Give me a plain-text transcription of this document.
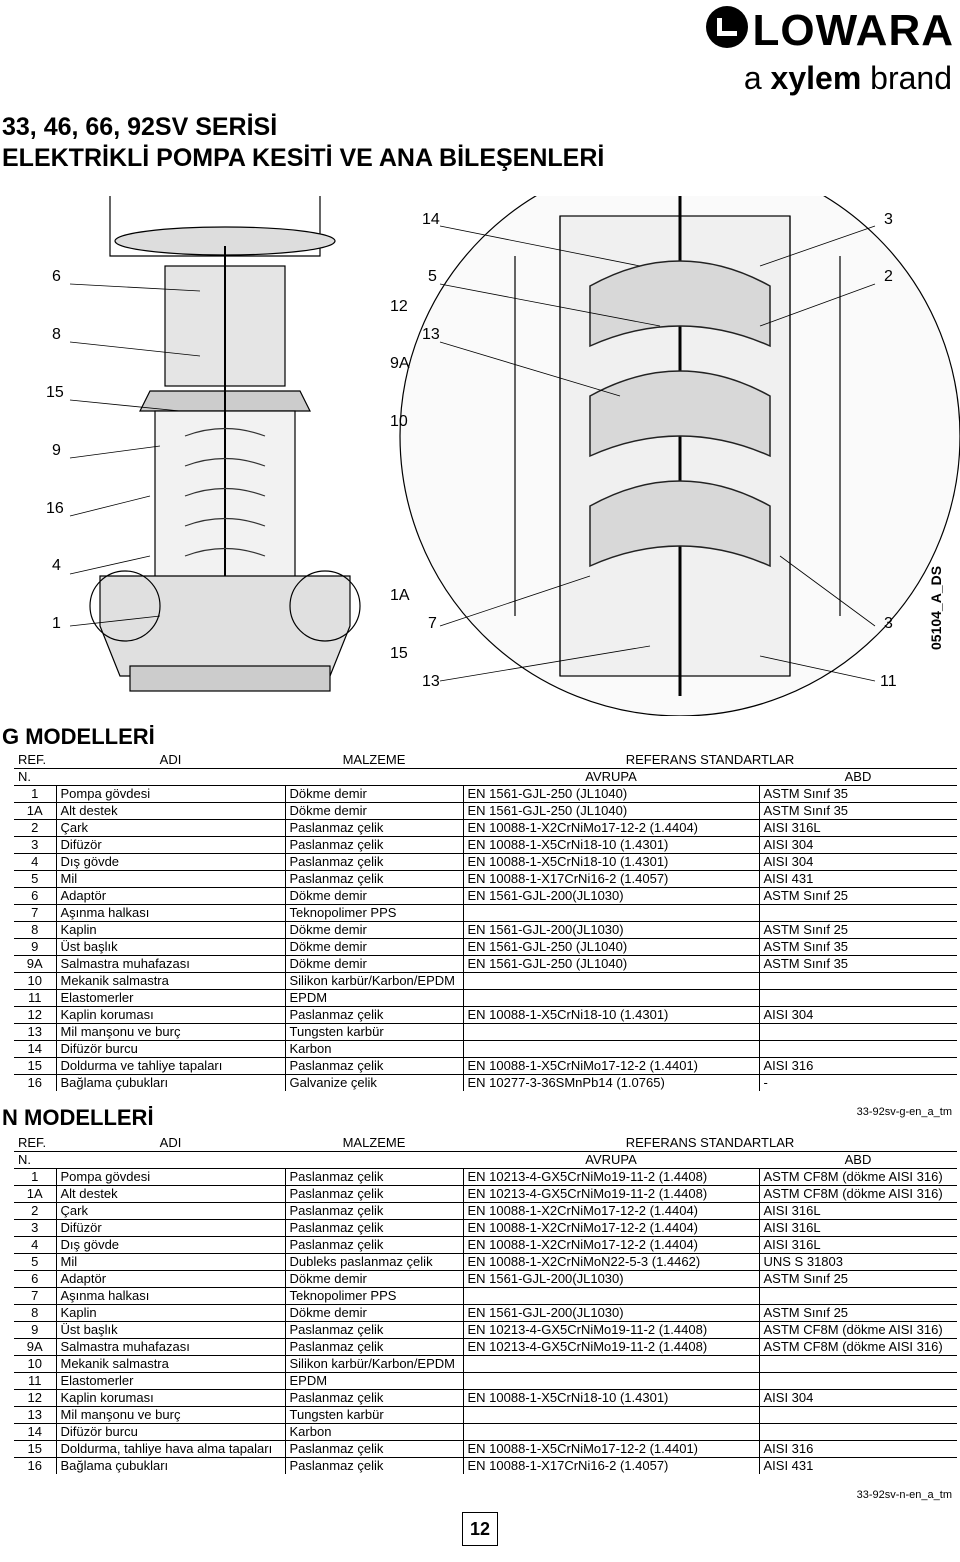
LOWARA
a xylem brand
33, 46, 66, 92SV SERİSİ
ELEKTRİKLİ POMPA KESİTİ VE ANA BİLEŞENLERİ
6
8
15
9
16
4
1
12
9A
10
1A
15
14
5
13
7
13
3
2
3
11
05104_A_DS
G MODELLERİ
REF.	ADI	MALZEME	REFERANS STANDARTLAR	
N.			AVRUPA	ABD
1	Pompa gövdesi	Dökme demir	EN 1561-GJL-250 (JL1040)	ASTM Sınıf 35
1A	Alt destek	Dökme demir	EN 1561-GJL-250 (JL1040)	ASTM Sınıf 35
2	Çark	Paslanmaz çelik	EN 10088-1-X2CrNiMo17-12-2 (1.4404)	AISI 316L
3	Difüzör	Paslanmaz çelik	EN 10088-1-X5CrNi18-10 (1.4301)	AISI 304
4	Dış gövde	Paslanmaz çelik	EN 10088-1-X5CrNi18-10 (1.4301)	AISI 304
5	Mil	Paslanmaz çelik	EN 10088-1-X17CrNi16-2 (1.4057)	AISI 431
6	Adaptör	Dökme demir	EN 1561-GJL-200(JL1030)	ASTM Sınıf 25
7	Aşınma halkası	Teknopolimer PPS		
8	Kaplin	Dökme demir	EN 1561-GJL-200(JL1030)	ASTM Sınıf 25
9	Üst başlık	Dökme demir	EN 1561-GJL-250 (JL1040)	ASTM Sınıf 35
9A	Salmastra muhafazası	Dökme demir	EN 1561-GJL-250 (JL1040)	ASTM Sınıf 35
10	Mekanik salmastra	Silikon karbür/Karbon/EPDM		
11	Elastomerler	EPDM		
12	Kaplin koruması	Paslanmaz çelik	EN 10088-1-X5CrNi18-10 (1.4301)	AISI 304
13	Mil manşonu ve burç	Tungsten karbür		
14	Difüzör burcu	Karbon		
15	Doldurma ve tahliye tapaları	Paslanmaz çelik	EN 10088-1-X5CrNiMo17-12-2 (1.4401)	AISI 316
16	Bağlama çubukları	Galvanize çelik	EN 10277-3-36SMnPb14 (1.0765)	-
33-92sv-g-en_a_tm
N MODELLERİ
REF.	ADI	MALZEME	REFERANS STANDARTLAR	
N.			AVRUPA	ABD
1	Pompa gövdesi	Paslanmaz çelik	EN 10213-4-GX5CrNiMo19-11-2 (1.4408)	ASTM CF8M (dökme AISI 316)
1A	Alt destek	Paslanmaz çelik	EN 10213-4-GX5CrNiMo19-11-2 (1.4408)	ASTM CF8M (dökme AISI 316)
2	Çark	Paslanmaz çelik	EN 10088-1-X2CrNiMo17-12-2 (1.4404)	AISI 316L
3	Difüzör	Paslanmaz çelik	EN 10088-1-X2CrNiMo17-12-2 (1.4404)	AISI 316L
4	Dış gövde	Paslanmaz çelik	EN 10088-1-X2CrNiMo17-12-2 (1.4404)	AISI 316L
5	Mil	Dubleks paslanmaz çelik	EN 10088-1-X2CrNiMoN22-5-3 (1.4462)	UNS S 31803
6	Adaptör	Dökme demir	EN 1561-GJL-200(JL1030)	ASTM Sınıf 25
7	Aşınma halkası	Teknopolimer PPS		
8	Kaplin	Dökme demir	EN 1561-GJL-200(JL1030)	ASTM Sınıf 25
9	Üst başlık	Paslanmaz çelik	EN 10213-4-GX5CrNiMo19-11-2 (1.4408)	ASTM CF8M (dökme AISI 316)
9A	Salmastra muhafazası	Paslanmaz çelik	EN 10213-4-GX5CrNiMo19-11-2 (1.4408)	ASTM CF8M (dökme AISI 316)
10	Mekanik salmastra	Silikon karbür/Karbon/EPDM		
11	Elastomerler	EPDM		
12	Kaplin koruması	Paslanmaz çelik	EN 10088-1-X5CrNi18-10 (1.4301)	AISI 304
13	Mil manşonu ve burç	Tungsten karbür		
14	Difüzör burcu	Karbon		
15	Doldurma, tahliye hava alma tapaları	Paslanmaz çelik	EN 10088-1-X5CrNiMo17-12-2 (1.4401)	AISI 316
16	Bağlama çubukları	Paslanmaz çelik	EN 10088-1-X17CrNi16-2 (1.4057)	AISI 431
33-92sv-n-en_a_tm
12
